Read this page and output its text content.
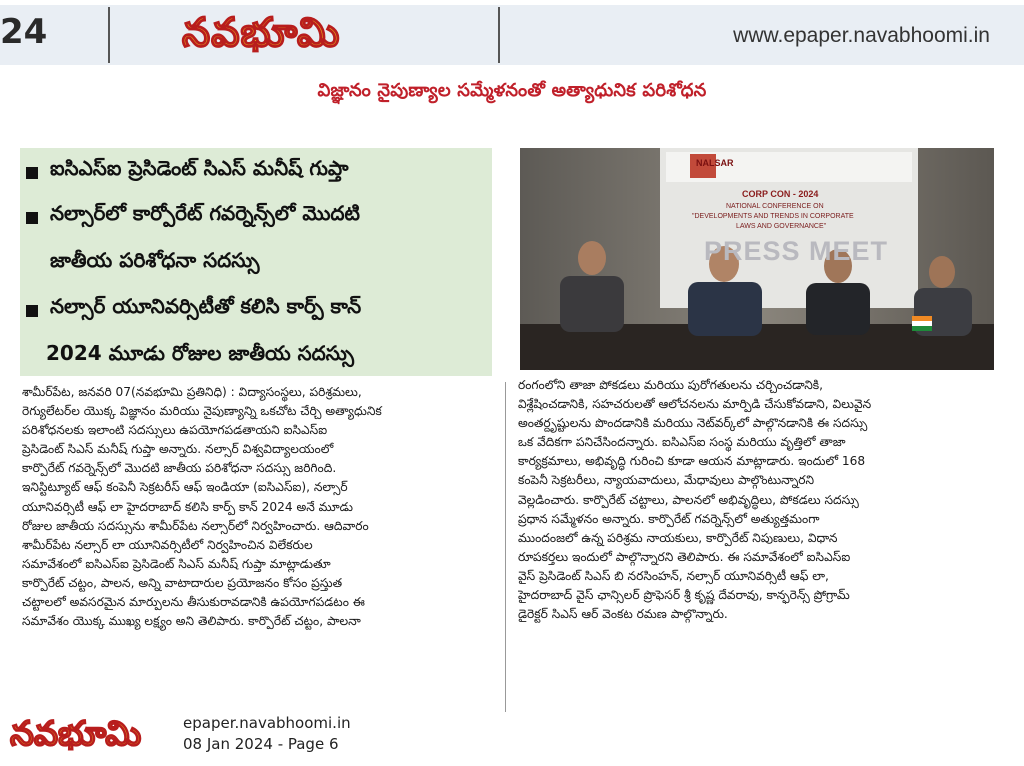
24	నవభూమి	www.epaper.navabhoomi.in
విజ్ఞానం నైపుణ్యాల సమ్మేళనంతో అత్యాధునిక పరిశోధన
ఐసిఎస్ఐ ప్రెసిడెంట్ సిఎస్ మనీష్ గుప్తా
నల్సార్‌లో కార్పోరేట్ గవర్నెన్స్‌లో మొదటి
జాతీయ పరిశోధనా సదస్సు
నల్సార్ యూనివర్సిటీతో కలిసి కార్ప్ కాన్
2024 మూడు రోజుల జాతీయ సదస్సు
NALSAR
CORP CON - 2024
NATIONAL CONFERENCE ON
"DEVELOPMENTS AND TRENDS IN CORPORATE
LAWS AND GOVERNANCE"
PRESS MEET

శామీర్‌పేట, జనవరి 07(నవభూమి ప్రతినిధి) : విద్యాసంస్థలు, పరిశ్రమలు,

రెగ్యులేటర్‌ల యొక్క విజ్ఞానం మరియు నైపుణ్యాన్ని ఒకచోట చేర్చి అత్యాధునిక

పరిశోధనలకు ఇలాంటి సదస్సులు ఉపయోగపడతాయని ఐసిఎస్ఐ

ప్రెసిడెంట్ సిఎస్ మనీష్ గుప్తా అన్నారు. నల్సార్ విశ్వవిద్యాలయంలో

కార్పొరేట్ గవర్నెన్స్‌లో మొదటి జాతీయ పరిశోధనా సదస్సు జరిగింది.

ఇనిస్టిట్యూట్ ఆఫ్ కంపెనీ సెక్రటరీస్ ఆఫ్ ఇండియా (ఐసిఎస్ఐ), నల్సార్

యూనివర్సిటీ ఆఫ్ లా హైదరాబాద్ కలిసి కార్ప్ కాన్ 2024 అనే మూడు

రోజుల జాతీయ సదస్సును శామీర్‌పేట నల్సార్‌లో నిర్వహించారు. ఆదివారం

శామీర్‌పేట నల్సార్ లా యూనివర్సిటీలో నిర్వహించిన విలేకరుల

సమావేశంలో ఐసిఎస్ఐ ప్రెసిడెంట్ సిఎస్ మనీష్ గుప్తా మాట్లాడుతూ

కార్పొరేట్ చట్టం, పాలన, అన్ని వాటాదారుల ప్రయోజనం కోసం ప్రస్తుత

చట్టాలలో అవసరమైన మార్పులను తీసుకురావడానికి ఉపయోగపడటం ఈ

సమావేశం యొక్క ముఖ్య లక్ష్యం అని తెలిపారు. కార్పొరేట్ చట్టం, పాలనా

రంగంలోని తాజా పోకడలు మరియు పురోగతులను చర్చించడానికి,

విశ్లేషించడానికి, సహచరులతో ఆలోచనలను మార్పిడి చేసుకోవడాని, విలువైన

అంతర్దృష్టులను పొందడానికి మరియు నెట్‌వర్క్‌లో పాల్గొనడానికి ఈ సదస్సు

ఒక వేదికగా పనిచేసిందన్నారు. ఐసిఎస్ఐ సంస్థ మరియు వృత్తిలో తాజా

కార్యక్రమాలు, అభివృద్ధి గురించి కూడా ఆయన మాట్లాడారు. ఇందులో 168

కంపెనీ సెక్రటరీలు, న్యాయవాదులు, మేధావులు పాల్గొంటున్నారని

వెల్లడించారు. కార్పొరేట్ చట్టాలు, పాలనలో అభివృద్ధిలు, పోకడలు సదస్సు

ప్రధాన సమ్మేళనం అన్నారు. కార్పొరేట్ గవర్నెన్స్‌లో అత్యుత్తమంగా

ముందంజలో ఉన్న పరిశ్రమ నాయకులు, కార్పొరేట్ నిపుణులు, విధాన

రూపకర్తలు ఇందులో పాల్గొన్నారని తెలిపారు. ఈ సమావేశంలో ఐసిఎస్ఐ

వైస్ ప్రెసిడెంట్ సిఎస్ బి నరసింహన్, నల్సార్ యూనివర్సిటీ ఆఫ్ లా,

హైదరాబాద్ వైస్ ఛాన్సిలర్ ప్రొఫెసర్ శ్రీ కృష్ణ దేవరావు, కాన్ఫరెన్స్ ప్రోగ్రామ్

డైరెక్టర్ సిఎస్ ఆర్ వెంకట రమణ పాల్గొన్నారు.

నవభూమి	epaper.navabhoomi.in
08 Jan 2024 - Page 6
